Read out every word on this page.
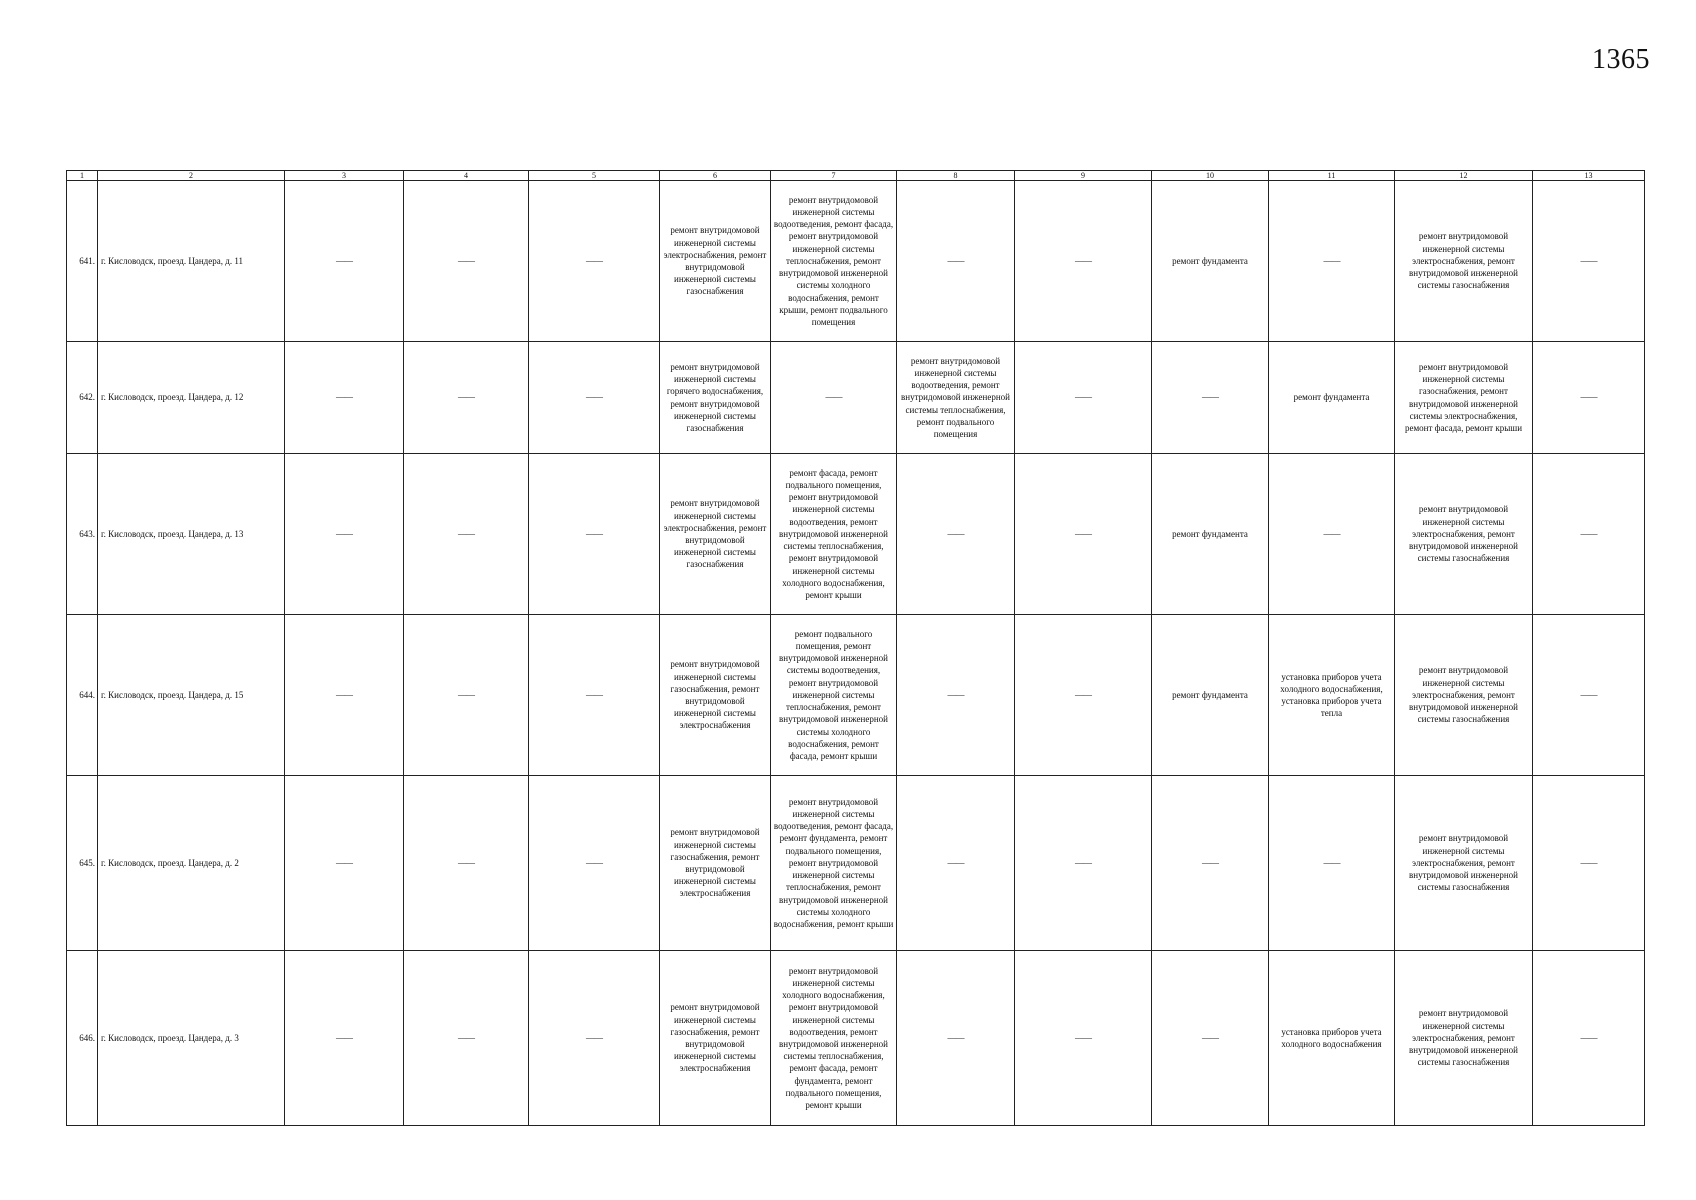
1365
1	2	3	4	5	6	7	8	9	10	11	12	13
641.	г. Кисловодск, проезд. Цандера, д. 11	——	——	——	ремонт внутридомовой инженерной системы электроснабжения, ремонт внутридомовой инженерной системы газоснабжения	ремонт внутридомовой инженерной системы водоотведения, ремонт фасада, ремонт внутридомовой инженерной системы теплоснабжения, ремонт внутридомовой инженерной системы холодного водоснабжения, ремонт крыши, ремонт подвального помещения	——	——	ремонт фундамента	——	ремонт внутридомовой инженерной системы электроснабжения, ремонт внутридомовой инженерной системы газоснабжения	——
642.	г. Кисловодск, проезд. Цандера, д. 12	——	——	——	ремонт внутридомовой инженерной системы горячего водоснабжения, ремонт внутридомовой инженерной системы газоснабжения	——	ремонт внутридомовой инженерной системы водоотведения, ремонт внутридомовой инженерной системы теплоснабжения, ремонт подвального помещения	——	——	ремонт фундамента	ремонт внутридомовой инженерной системы газоснабжения, ремонт внутридомовой инженерной системы электроснабжения, ремонт фасада, ремонт крыши	——
643.	г. Кисловодск, проезд. Цандера, д. 13	——	——	——	ремонт внутридомовой инженерной системы электроснабжения, ремонт внутридомовой инженерной системы газоснабжения	ремонт фасада, ремонт подвального помещения, ремонт внутридомовой инженерной системы водоотведения, ремонт внутридомовой инженерной системы теплоснабжения, ремонт внутридомовой инженерной системы холодного водоснабжения, ремонт крыши	——	——	ремонт фундамента	——	ремонт внутридомовой инженерной системы электроснабжения, ремонт внутридомовой инженерной системы газоснабжения	——
644.	г. Кисловодск, проезд. Цандера, д. 15	——	——	——	ремонт внутридомовой инженерной системы газоснабжения, ремонт внутридомовой инженерной системы электроснабжения	ремонт подвального помещения, ремонт внутридомовой инженерной системы водоотведения, ремонт внутридомовой инженерной системы теплоснабжения, ремонт внутридомовой инженерной системы холодного водоснабжения, ремонт фасада, ремонт крыши	——	——	ремонт фундамента	установка приборов учета холодного водоснабжения, установка приборов учета тепла	ремонт внутридомовой инженерной системы электроснабжения, ремонт внутридомовой инженерной системы газоснабжения	——
645.	г. Кисловодск, проезд. Цандера, д. 2	——	——	——	ремонт внутридомовой инженерной системы газоснабжения, ремонт внутридомовой инженерной системы электроснабжения	ремонт внутридомовой инженерной системы водоотведения, ремонт фасада, ремонт фундамента, ремонт подвального помещения, ремонт внутридомовой инженерной системы теплоснабжения, ремонт внутридомовой инженерной системы холодного водоснабжения, ремонт крыши	——	——	——	——	ремонт внутридомовой инженерной системы электроснабжения, ремонт внутридомовой инженерной системы газоснабжения	——
646.	г. Кисловодск, проезд. Цандера, д. 3	——	——	——	ремонт внутридомовой инженерной системы газоснабжения, ремонт внутридомовой инженерной системы электроснабжения	ремонт внутридомовой инженерной системы холодного водоснабжения, ремонт внутридомовой инженерной системы водоотведения, ремонт внутридомовой инженерной системы теплоснабжения, ремонт фасада, ремонт фундамента, ремонт подвального помещения, ремонт крыши	——	——	——	установка приборов учета холодного водоснабжения	ремонт внутридомовой инженерной системы электроснабжения, ремонт внутридомовой инженерной системы газоснабжения	——
